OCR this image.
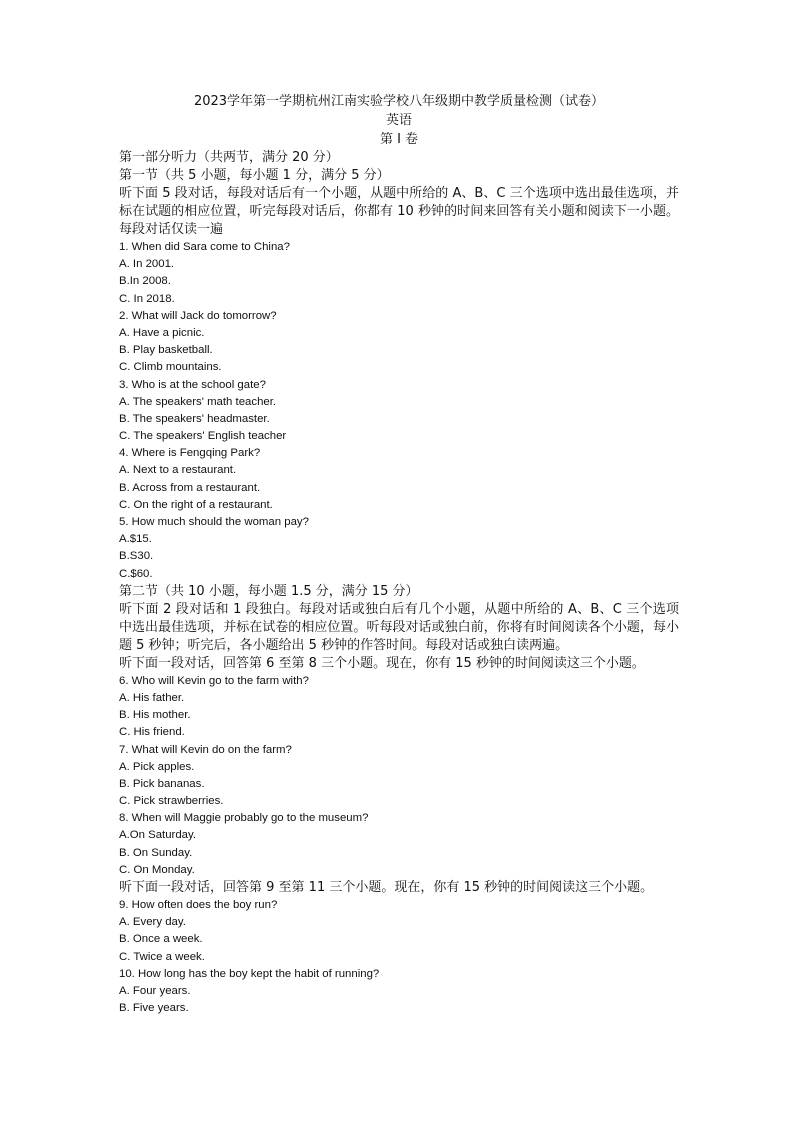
2023学年第一学期杭州江南实验学校八年级期中教学质量检测（试卷）
英语
第 I 卷
第一部分听力（共两节，满分 20 分）
第一节（共 5 小题，每小题 1 分，满分 5 分）
听下面 5 段对话，每段对话后有一个小题，从题中所给的 A、B、C 三个选项中选出最佳选项，并标在试题的相应位置，听完每段对话后，你都有 10 秒钟的时间来回答有关小题和阅读下一小题。每段对话仅读一遍
1. When did Sara come to China?
A. In 2001.
B.In 2008.
C. In 2018.
2. What will Jack do tomorrow?
A. Have a picnic.
B. Play basketball.
C. Climb mountains.
3. Who is at the school gate?
A. The speakers' math teacher.
B. The speakers' headmaster.
C. The speakers' English teacher
4. Where is Fengqing Park?
A. Next to a restaurant.
B. Across from a restaurant.
C. On the right of a restaurant.
5. How much should the woman pay?
A.$15.
B.S30.
C.$60.
第二节（共 10 小题，每小题 1.5 分，满分 15 分）
听下面 2 段对话和 1 段独白。每段对话或独白后有几个小题，从题中所给的 A、B、C 三个选项中选出最佳选项，并标在试卷的相应位置。听每段对话或独白前，你将有时间阅读各个小题，每小题 5 秒钟；听完后，各小题给出 5 秒钟的作答时间。每段对话或独白读两遍。
听下面一段对话，回答第 6 至第 8 三个小题。现在，你有 15 秒钟的时间阅读这三个小题。
6. Who will Kevin go to the farm with?
A. His father.
B. His mother.
C. His friend.
7. What will Kevin do on the farm?
A. Pick apples.
B. Pick bananas.
C. Pick strawberries.
8. When will Maggie probably go to the museum?
A.On Saturday.
B. On Sunday.
C. On Monday.
听下面一段对话，回答第 9 至第 11 三个小题。现在，你有 15 秒钟的时间阅读这三个小题。
9. How often does the boy run?
A. Every day.
B. Once a week.
C. Twice a week.
10. How long has the boy kept the habit of running?
A. Four years.
B. Five years.
